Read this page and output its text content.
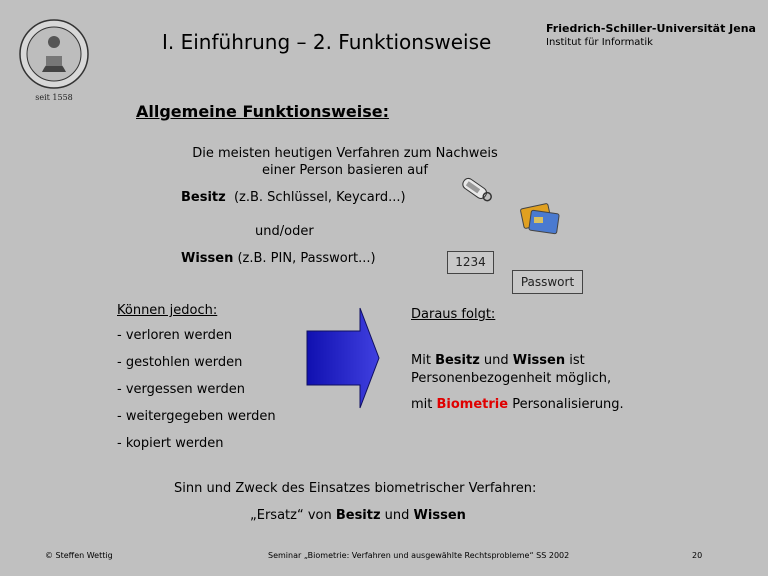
seit 1558
I. Einführung – 2. Funktionsweise
Friedrich-Schiller-Universität Jena
Institut für Informatik
Allgemeine Funktionsweise:
Die meisten heutigen Verfahren zum Nachweis
einer Person basieren auf
Besitz  (z.B. Schlüssel, Keycard...)
und/oder
Wissen (z.B. PIN, Passwort...)	1234
Passwort
Können jedoch:
- verloren werden
- gestohlen werden
- vergessen werden
- weitergegeben werden
- kopiert werden
Daraus folgt:
Mit Besitz und Wissen ist
Personenbezogenheit möglich,
mit Biometrie Personalisierung.
Sinn und Zweck des Einsatzes biometrischer Verfahren:
„Ersatz“ von Besitz und Wissen
© Steffen Wettig	Seminar „Biometrie: Verfahren und ausgewählte Rechtsprobleme“ SS 2002	20
